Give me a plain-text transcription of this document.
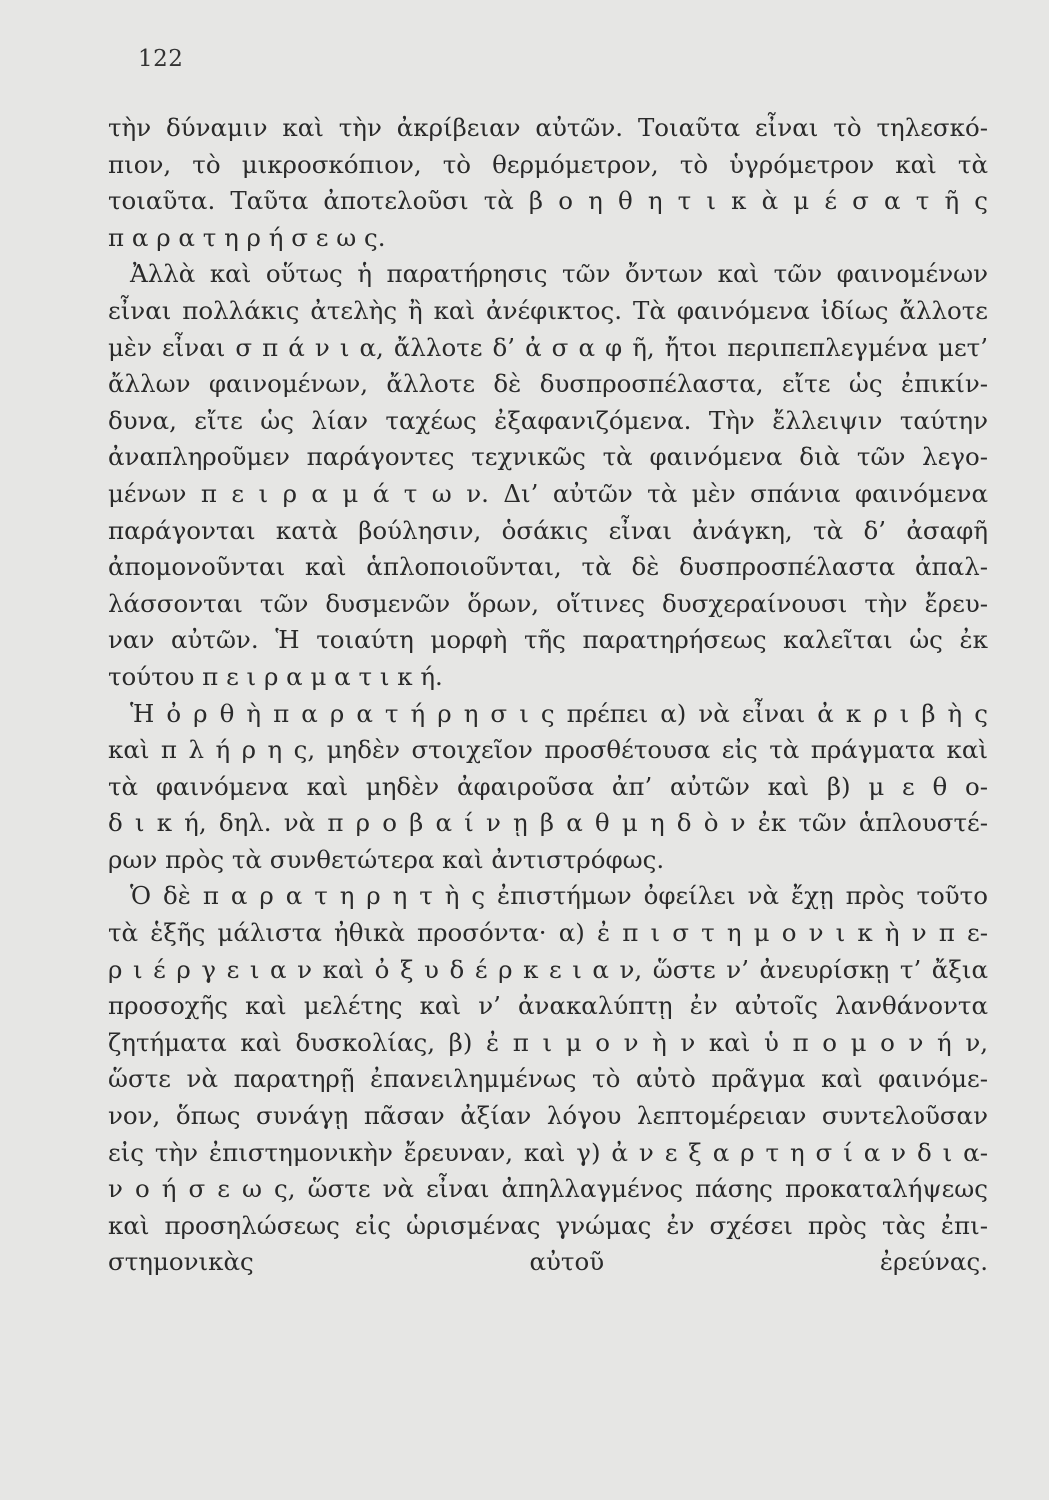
122
τὴν δύναμιν καὶ τὴν ἀκρίβειαν αὐτῶν. Τοιαῦτα εἶναι τὸ τηλεσκό-
πιον, τὸ μικροσκόπιον, τὸ θερμόμετρον, τὸ ὑγρόμετρον καὶ τὰ
τοιαῦτα. Ταῦτα ἀποτελοῦσι τὰ β ο η θ η τ ι κ ὰ μ έ σ α τ ῆ ς
π α ρ α τ η ρ ή σ ε ω ς.
Ἀλλὰ καὶ οὕτως ἡ παρατήρησις τῶν ὄντων καὶ τῶν φαινομένων
εἶναι πολλάκις ἀτελὴς ἢ καὶ ἀνέφικτος. Τὰ φαινόμενα ἰδίως ἄλλοτε
μὲν εἶναι σ π ά ν ι α, ἄλλοτε δ’ ἀ σ α φ ῆ, ἤτοι περιπεπλεγμένα μετ’
ἄλλων φαινομένων, ἄλλοτε δὲ δυσπροσπέλαστα, εἴτε ὡς ἐπικίν-
δυνα, εἴτε ὡς λίαν ταχέως ἐξαφανιζόμενα. Τὴν ἔλλειψιν ταύτην
ἀναπληροῦμεν παράγοντες τεχνικῶς τὰ φαινόμενα διὰ τῶν λεγο-
μένων π ε ι ρ α μ ά τ ω ν. Δι’ αὐτῶν τὰ μὲν σπάνια φαινόμενα
παράγονται κατὰ βούλησιν, ὁσάκις εἶναι ἀνάγκη, τὰ δ’ ἀσαφῆ
ἀπομονοῦνται καὶ ἁπλοποιοῦνται, τὰ δὲ δυσπροσπέλαστα ἀπαλ-
λάσσονται τῶν δυσμενῶν ὅρων, οἵτινες δυσχεραίνουσι τὴν ἔρευ-
ναν αὐτῶν. Ἡ τοιαύτη μορφὴ τῆς παρατηρήσεως καλεῖται ὡς ἐκ
τούτου π ε ι ρ α μ α τ ι κ ή.
Ἡ ὀ ρ θ ὴ π α ρ α τ ή ρ η σ ι ς πρέπει α) νὰ εἶναι ἀ κ ρ ι β ὴ ς
καὶ π λ ή ρ η ς, μηδὲν στοιχεῖον προσθέτουσα εἰς τὰ πράγματα καὶ
τὰ φαινόμενα καὶ μηδὲν ἀφαιροῦσα ἀπ’ αὐτῶν καὶ β) μ ε θ ο-
δ ι κ ή, δηλ. νὰ π ρ ο β α ί ν ῃ β α θ μ η δ ὸ ν ἐκ τῶν ἁπλουστέ-
ρων πρὸς τὰ συνθετώτερα καὶ ἀντιστρόφως.
Ὁ δὲ π α ρ α τ η ρ η τ ὴ ς ἐπιστήμων ὀφείλει νὰ ἔχῃ πρὸς τοῦτο
τὰ ἑξῆς μάλιστα ἠθικὰ προσόντα· α) ἐ π ι σ τ η μ ο ν ι κ ὴ ν π ε-
ρ ι έ ρ γ ε ι α ν καὶ ὀ ξ υ δ έ ρ κ ε ι α ν, ὥστε ν’ ἀνευρίσκῃ τ’ ἄξια
προσοχῆς καὶ μελέτης καὶ ν’ ἀνακαλύπτῃ ἐν αὐτοῖς λανθάνοντα
ζητήματα καὶ δυσκολίας, β) ἐ π ι μ ο ν ὴ ν καὶ ὑ π ο μ ο ν ή ν,
ὥστε νὰ παρατηρῇ ἐπανειλημμένως τὸ αὐτὸ πρᾶγμα καὶ φαινόμε-
νον, ὅπως συνάγῃ πᾶσαν ἀξίαν λόγου λεπτομέρειαν συντελοῦσαν
εἰς τὴν ἐπιστημονικὴν ἔρευναν, καὶ γ) ἀ ν ε ξ α ρ τ η σ ί α ν δ ι α-
ν ο ή σ ε ω ς, ὥστε νὰ εἶναι ἀπηλλαγμένος πάσης προκαταλήψεως
καὶ προσηλώσεως εἰς ὡρισμένας γνώμας ἐν σχέσει πρὸς τὰς ἐπι-
στημονικὰς αὐτοῦ ἐρεύνας.
